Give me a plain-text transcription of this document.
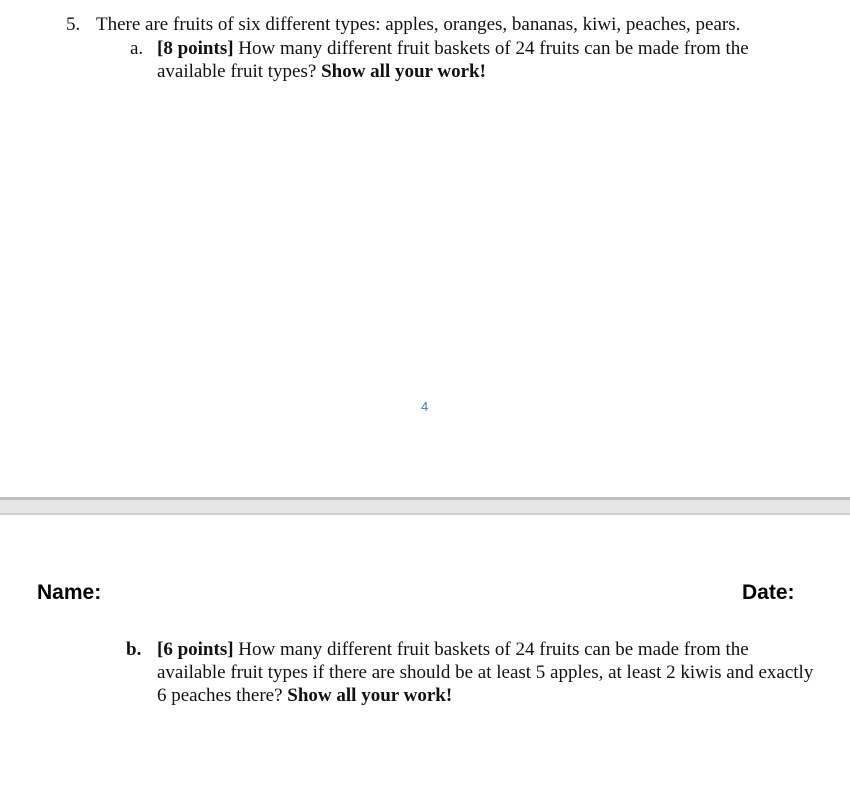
5. There are fruits of six different types: apples, oranges, bananas, kiwi, peaches, pears.
a. [8 points] How many different fruit baskets of 24 fruits can be made from the available fruit types? Show all your work!
4
Name:	Date:
b. [6 points] How many different fruit baskets of 24 fruits can be made from the available fruit types if there are should be at least 5 apples, at least 2 kiwis and exactly 6 peaches there? Show all your work!
